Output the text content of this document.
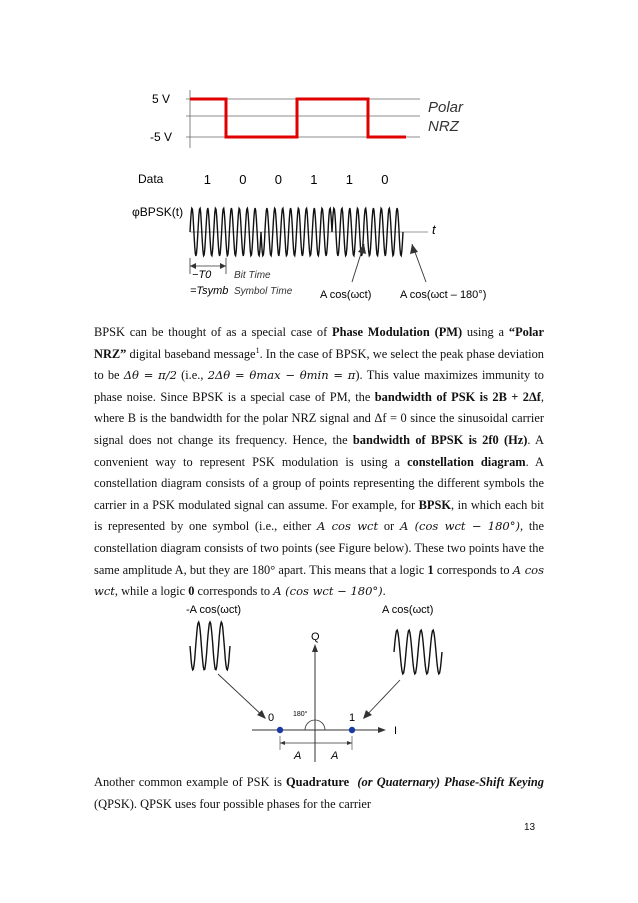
5 V
-5 V
Polar
NRZ
Data	1 0 0 1 1 0
φBPSK(t)
t
−T0 Bit Time
=Tsymb Symbol Time	A cos(ωct)	A cos(ωct – 180°)

BPSK can be thought of as a special case of Phase Modulation (PM) using a “Polar NRZ” digital baseband message$^1$. In the case of BPSK, we select the peak phase deviation to be Δθ = π/2 (i.e., 2Δθ = θmax − θmin = π). This value maximizes immunity to phase noise. Since BPSK is a special case of PM, the bandwidth of PSK is 2B + 2Δf, where B is the bandwidth for the polar NRZ signal and Δf = 0 since the sinusoidal carrier signal does not change its frequency. Hence, the bandwidth of BPSK is 2f0 (Hz). A convenient way to represent PSK modulation is using a constellation diagram. A constellation diagram consists of a group of points representing the different symbols the carrier in a PSK modulated signal can assume. For example, for BPSK, in which each bit is represented by one symbol (i.e., either A cos wct or A (cos wct − 180°), the constellation diagram consists of two points (see Figure below). These two points have the same amplitude A, but they are 180° apart. This means that a logic 1 corresponds to A cos wct, while a logic 0 corresponds to A (cos wct − 180°).

-A cos(ωct)	A cos(ωct)
Q
I
180°
0	1
A	A

Another common example of PSK is Quadrature (or Quaternary) Phase-Shift Keying (QPSK). QPSK uses four possible phases for the carrier

13
